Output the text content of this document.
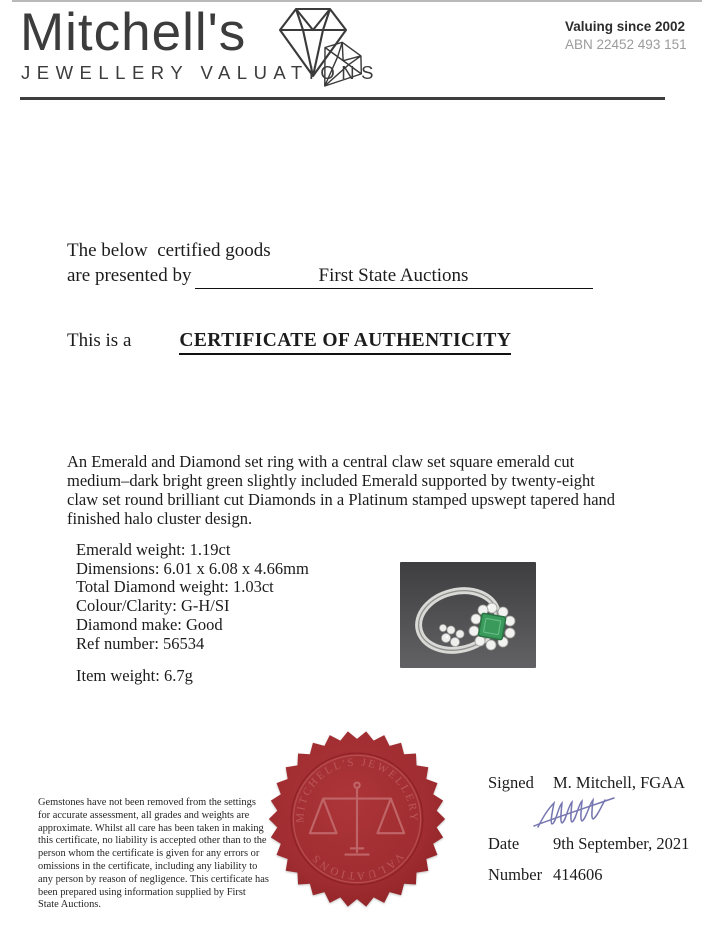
Mitchell's
JEWELLERY VALUATIONS
Valuing since 2002
ABN 22452 493 151
The below  certified goods
are presented by	First State Auctions
This is a CERTIFICATE OF AUTHENTICITY
An Emerald and Diamond set ring with a central claw set square emerald cut medium–dark bright green slightly included Emerald supported by twenty-eight claw set round brilliant cut Diamonds in a Platinum stamped upswept tapered hand finished halo cluster design.
Emerald weight: 1.19ct
Dimensions: 6.01 x 6.08 x 4.66mm
Total Diamond weight: 1.03ct
Colour/Clarity: G-H/SI
Diamond make: Good
Ref number: 56534
Item weight: 6.7g
MITCHELL'S JEWELLERY
VALUATIONS
Gemstones have not been removed from the settings for accurate assessment, all grades and weights are approximate. Whilst all care has been taken in making this certificate, no liability is accepted other than to the person whom the certificate is given for any errors or omissions in the certificate, including any liability to any person by reason of negligence. This certificate has been prepared using information supplied by First State Auctions.
Signed	M. Mitchell, FGAA
Date	9th September, 2021
Number 414606
